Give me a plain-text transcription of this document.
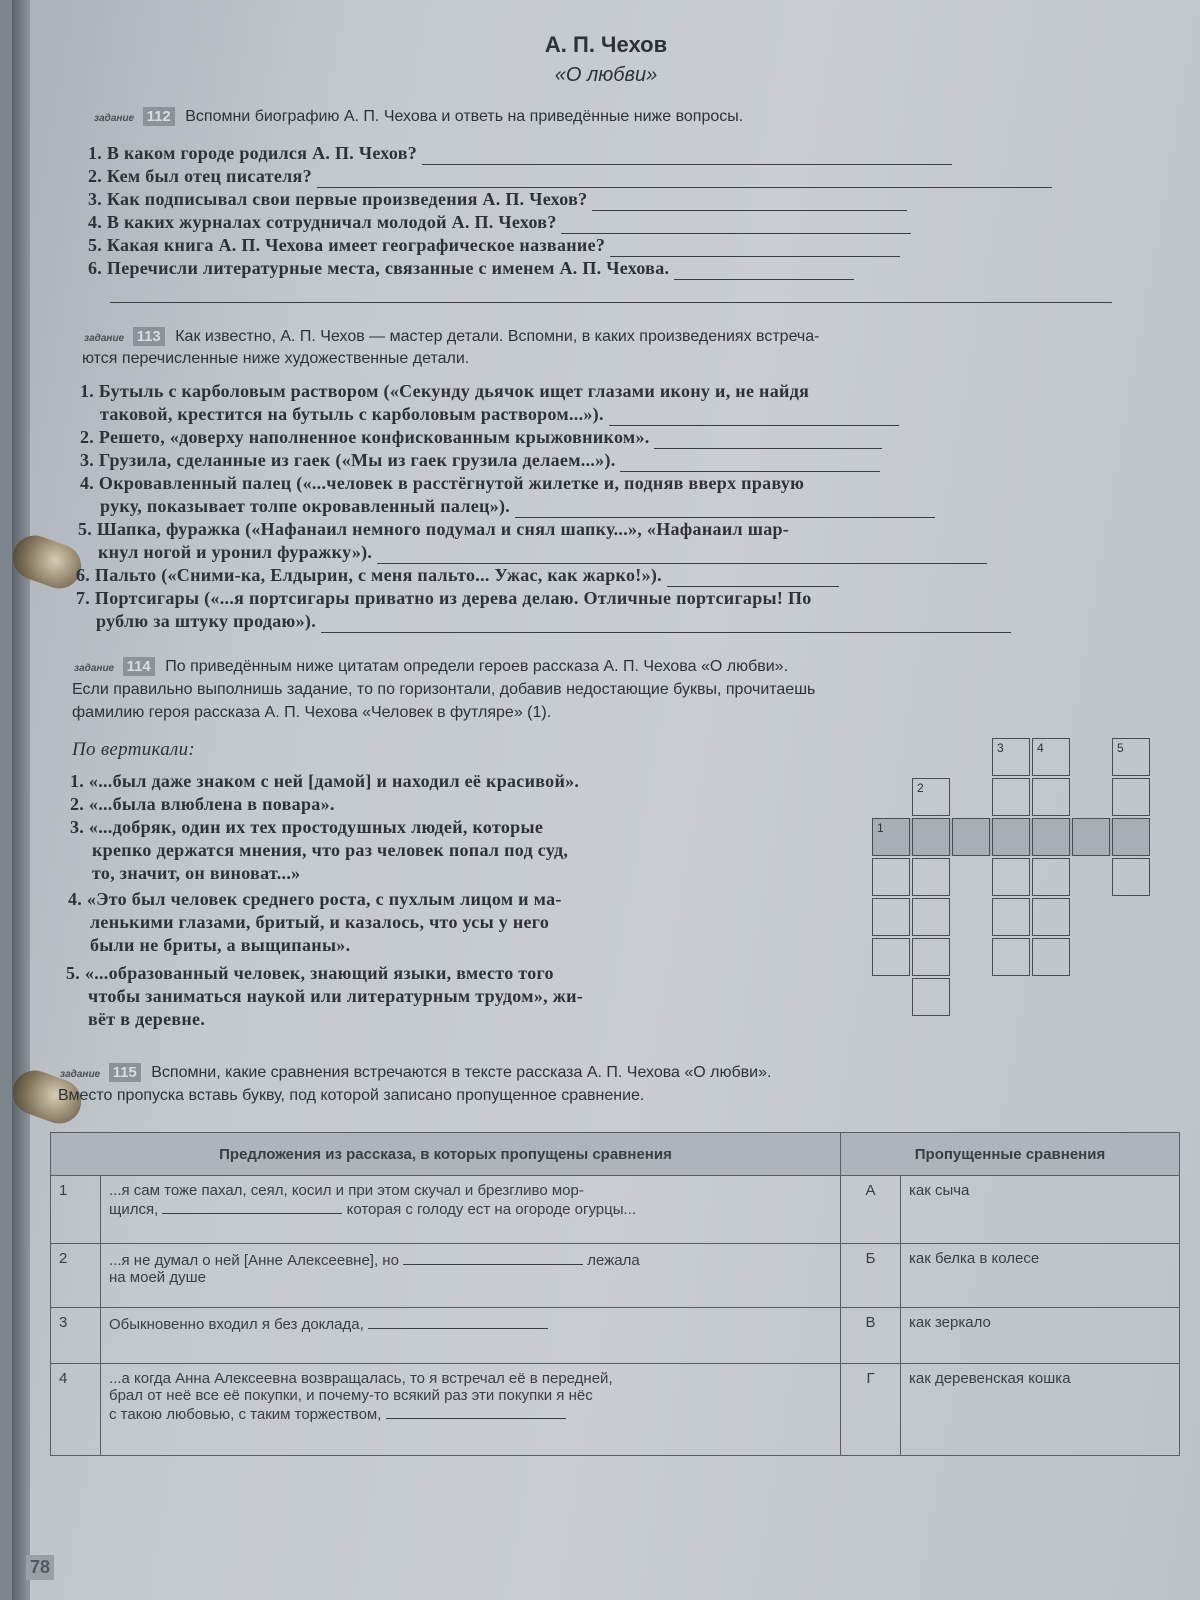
А. П. Чехов
«О любви»
задание 112 Вспомни биографию А. П. Чехова и ответь на приведённые ниже вопросы.
1. В каком городе родился А. П. Чехов?
2. Кем был отец писателя?
3. Как подписывал свои первые произведения А. П. Чехов?
4. В каких журналах сотрудничал молодой А. П. Чехов?
5. Какая книга А. П. Чехова имеет географическое название?
6. Перечисли литературные места, связанные с именем А. П. Чехова.
задание 113 Как известно, А. П. Чехов — мастер детали. Вспомни, в каких произведениях встреча-
ются перечисленные ниже художественные детали.
1. Бутыль с карболовым раствором («Секунду дьячок ищет глазами икону и, не найдя
таковой, крестится на бутыль с карболовым раствором...»).
2. Решето, «доверху наполненное конфискованным крыжовником».
3. Грузила, сделанные из гаек («Мы из гаек грузила делаем...»).
4. Окровавленный палец («...человек в расстёгнутой жилетке и, подняв вверх правую
руку, показывает толпе окровавленный палец»).
5. Шапка, фуражка («Нафанаил немного подумал и снял шапку...», «Нафанаил шар-
кнул ногой и уронил фуражку»).
6. Пальто («Сними-ка, Елдырин, с меня пальто... Ужас, как жарко!»).
7. Портсигары («...я портсигары приватно из дерева делаю. Отличные портсигары! По
рублю за штуку продаю»).
задание 114 По приведённым ниже цитатам определи героев рассказа А. П. Чехова «О любви».
Если правильно выполнишь задание, то по горизонтали, добавив недостающие буквы, прочитаешь
фамилию героя рассказа А. П. Чехова «Человек в футляре» (1).
По вертикали:
1. «...был даже знаком с ней [дамой] и находил её красивой».
2. «...была влюблена в повара».
3. «...добряк, один их тех простодушных людей, которые
крепко держатся мнения, что раз человек попал под суд,
то, значит, он виноват...»
4. «Это был человек среднего роста, с пухлым лицом и ма-
ленькими глазами, бритый, и казалось, что усы у него
были не бриты, а выщипаны».
5. «...образованный человек, знающий языки, вместо того
чтобы заниматься наукой или литературным трудом», жи-
вёт в деревне.
1
2
3	4	5
задание 115 Вспомни, какие сравнения встречаются в тексте рассказа А. П. Чехова «О любви».
Вместо пропуска вставь букву, под которой записано пропущенное сравнение.
Предложения из рассказа, в которых пропущены сравнения		Пропущенные сравнения	
1	...я сам тоже пахал, сеял, косил и при этом скучал и брезгливо мор-
щился, которая с голоду ест на огороде огурцы...	А	как сыча
2	...я не думал о ней [Анне Алексеевне], но лежала
на моей душе	Б	как белка в колесе
3	Обыкновенно входил я без доклада,	В	как зеркало
4	...а когда Анна Алексеевна возвращалась, то я встречал её в передней,
брал от неё все её покупки, и почему-то всякий раз эти покупки я нёс
с такою любовью, с таким торжеством,	Г	как деревенская кошка
78
